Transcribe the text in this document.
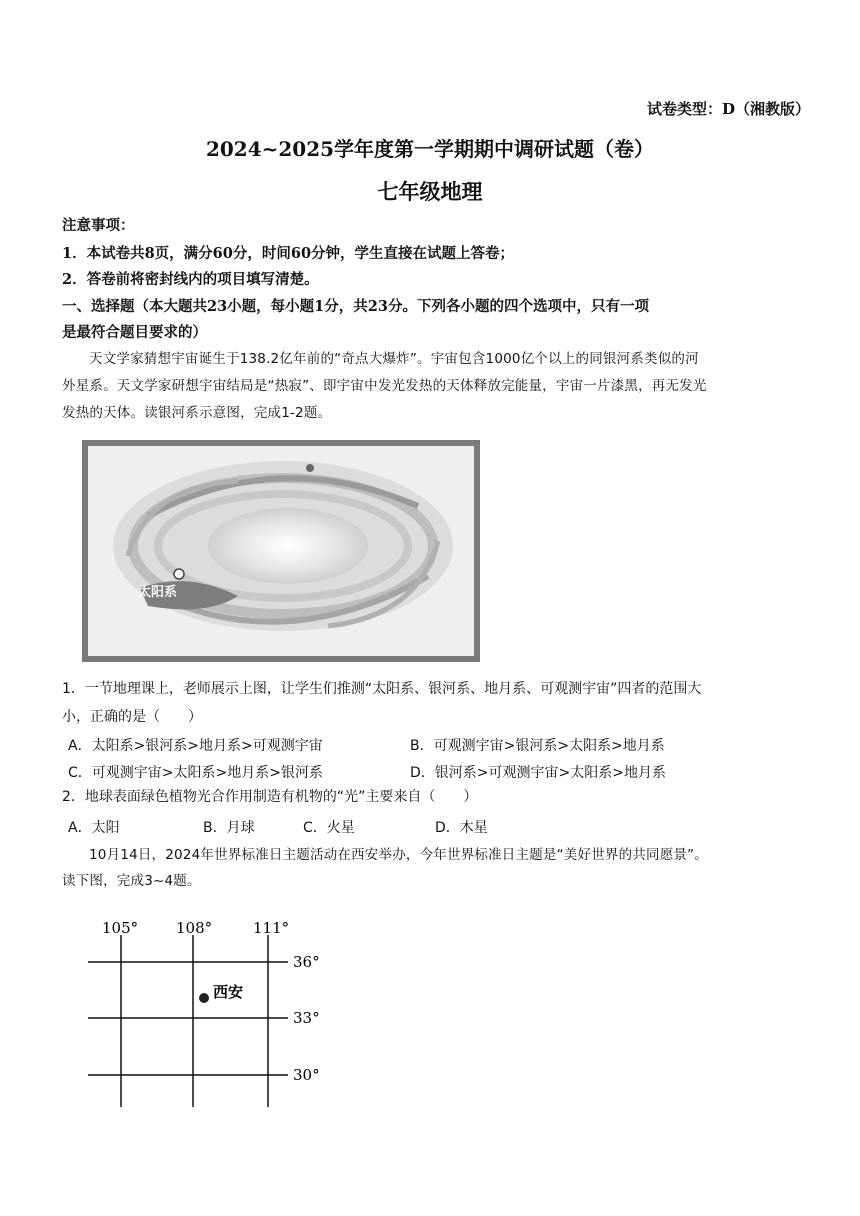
试卷类型：D（湘教版）
2024~2025学年度第一学期期中调研试题（卷）
七年级地理
注意事项：
1．本试卷共8页，满分60分，时间60分钟，学生直接在试题上答卷；
2．答卷前将密封线内的项目填写清楚。
一、选择题（本大题共23小题，每小题1分，共23分。下列各小题的四个选项中，只有一项
是最符合题目要求的）
天文学家猜想宇宙诞生于138.2亿年前的“奇点大爆炸”。宇宙包含1000亿个以上的同银河系类似的河
外星系。天文学家研想宇宙结局是“热寂”、即宇宙中发光发热的天体释放完能量，宇宙一片漆黑，再无发光
发热的天体。读银河系示意图，完成1-2题。
太阳系
1．一节地理课上，老师展示上图，让学生们推测“太阳系、银河系、地月系、可观测宇宙”四者的范围大
小，正确的是（　　）
A．太阳系>银河系>地月系>可观测宇宙	B．可观测宇宙>银河系>太阳系>地月系
C．可观测宇宙>太阳系>地月系>银河系	D．银河系>可观测宇宙>太阳系>地月系
2．地球表面绿色植物光合作用制造有机物的“光”主要来自（　　）
A．太阳	B．月球	C．火星	D．木星
10月14日，2024年世界标准日主题活动在西安举办，今年世界标准日主题是“美好世界的共同愿景”。
读下图，完成3~4题。
105°	108°	111°
36°
33°
30°
西安
